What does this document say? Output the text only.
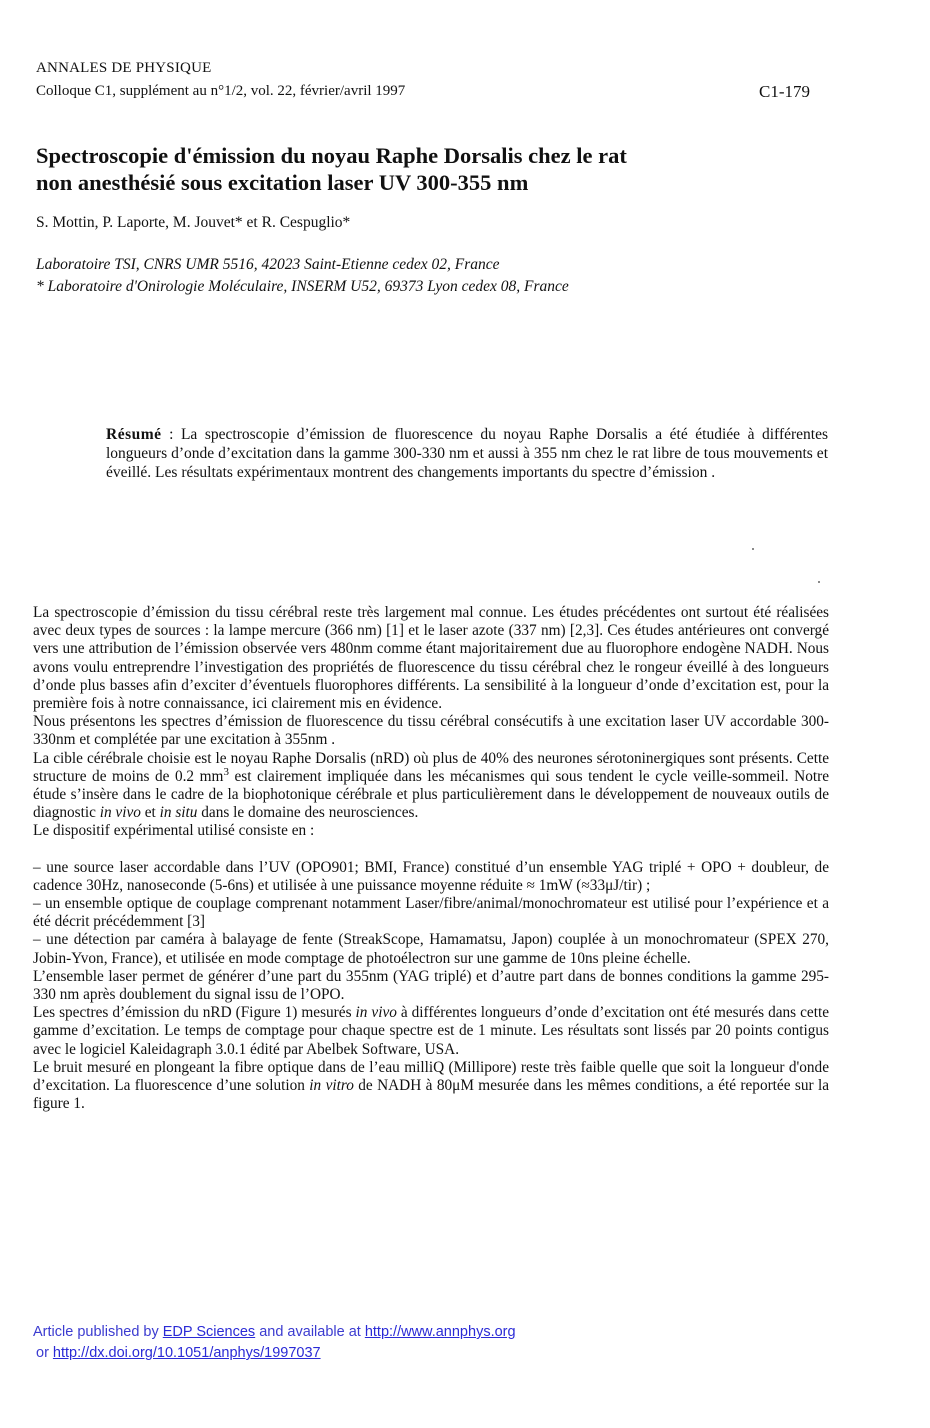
ANNALES DE PHYSIQUE
Colloque C1, supplément au n°1/2, vol. 22, février/avril 1997	C1-179
Spectroscopie d'émission du noyau Raphe Dorsalis chez le rat
non anesthésié sous excitation laser UV 300-355 nm
S. Mottin, P. Laporte, M. Jouvet* et R. Cespuglio*
Laboratoire TSI, CNRS UMR 5516, 42023 Saint-Etienne cedex 02, France
* Laboratoire d'Onirologie Moléculaire, INSERM U52, 69373 Lyon cedex 08, France
Résumé : La spectroscopie d’émission de fluorescence du noyau Raphe Dorsalis a été étudiée à différentes longueurs d’onde d’excitation dans la gamme 300-330 nm et aussi à 355 nm chez le rat libre de tous mouvements et éveillé. Les résultats expérimentaux montrent des changements importants du spectre d’émission .

La spectroscopie d’émission du tissu cérébral reste très largement mal connue. Les études précédentes ont surtout été réalisées avec deux types de sources : la lampe mercure (366 nm) [1] et le laser azote (337 nm) [2,3]. Ces études antérieures ont convergé vers une attribution de l’émission observée vers 480nm comme étant majoritairement due au fluorophore endogène NADH. Nous avons voulu entreprendre l’investigation des propriétés de fluorescence du tissu cérébral chez le rongeur éveillé à des longueurs d’onde plus basses afin d’exciter d’éventuels fluorophores différents. La sensibilité à la longueur d’onde d’excitation est, pour la première fois à notre connaissance, ici clairement mis en évidence.

Nous présentons les spectres d’émission de fluorescence du tissu cérébral consécutifs à une excitation laser UV accordable 300-330nm et complétée par une excitation à 355nm .

La cible cérébrale choisie est le noyau Raphe Dorsalis (nRD) où plus de 40% des neurones sérotoninergiques sont présents. Cette structure de moins de 0.2 $mm^3$ est clairement impliquée dans les mécanismes qui sous tendent le cycle veille-sommeil. Notre étude s’insère dans le cadre de la biophotonique cérébrale et plus particulièrement dans le développement de nouveaux outils de diagnostic in vivo et in situ dans le domaine des neurosciences.

Le dispositif expérimental utilisé consiste en :

– une source laser accordable dans l’UV (OPO901; BMI, France) constitué d’un ensemble YAG triplé + OPO + doubleur, de cadence 30Hz, nanoseconde (5-6ns) et utilisée à une puissance moyenne réduite ≈ 1mW (≈33μJ/tir) ;

– un ensemble optique de couplage comprenant notamment Laser/fibre/animal/monochromateur est utilisé pour l’expérience et a été décrit précédemment [3]

– une détection par caméra à balayage de fente (StreakScope, Hamamatsu, Japon) couplée à un monochromateur (SPEX 270, Jobin-Yvon, France), et utilisée en mode comptage de photoélectron sur une gamme de 10ns pleine échelle.

L’ensemble laser permet de générer d’une part du 355nm (YAG triplé) et d’autre part dans de bonnes conditions la gamme 295-330 nm après doublement du signal issu de l’OPO.

Les spectres d’émission du nRD (Figure 1) mesurés in vivo à différentes longueurs d’onde d’excitation ont été mesurés dans cette gamme d’excitation. Le temps de comptage pour chaque spectre est de 1 minute. Les résultats sont lissés par 20 points contigus avec le logiciel Kaleidagraph 3.0.1 édité par Abelbek Software, USA.

Le bruit mesuré en plongeant la fibre optique dans de l’eau milliQ (Millipore) reste très faible quelle que soit la longueur d'onde d’excitation. La fluorescence d’une solution in vitro de NADH à 80μM mesurée dans les mêmes conditions, a été reportée sur la figure 1.

Article published by EDP Sciences and available at http://www.annphys.org
or http://dx.doi.org/10.1051/anphys/1997037
